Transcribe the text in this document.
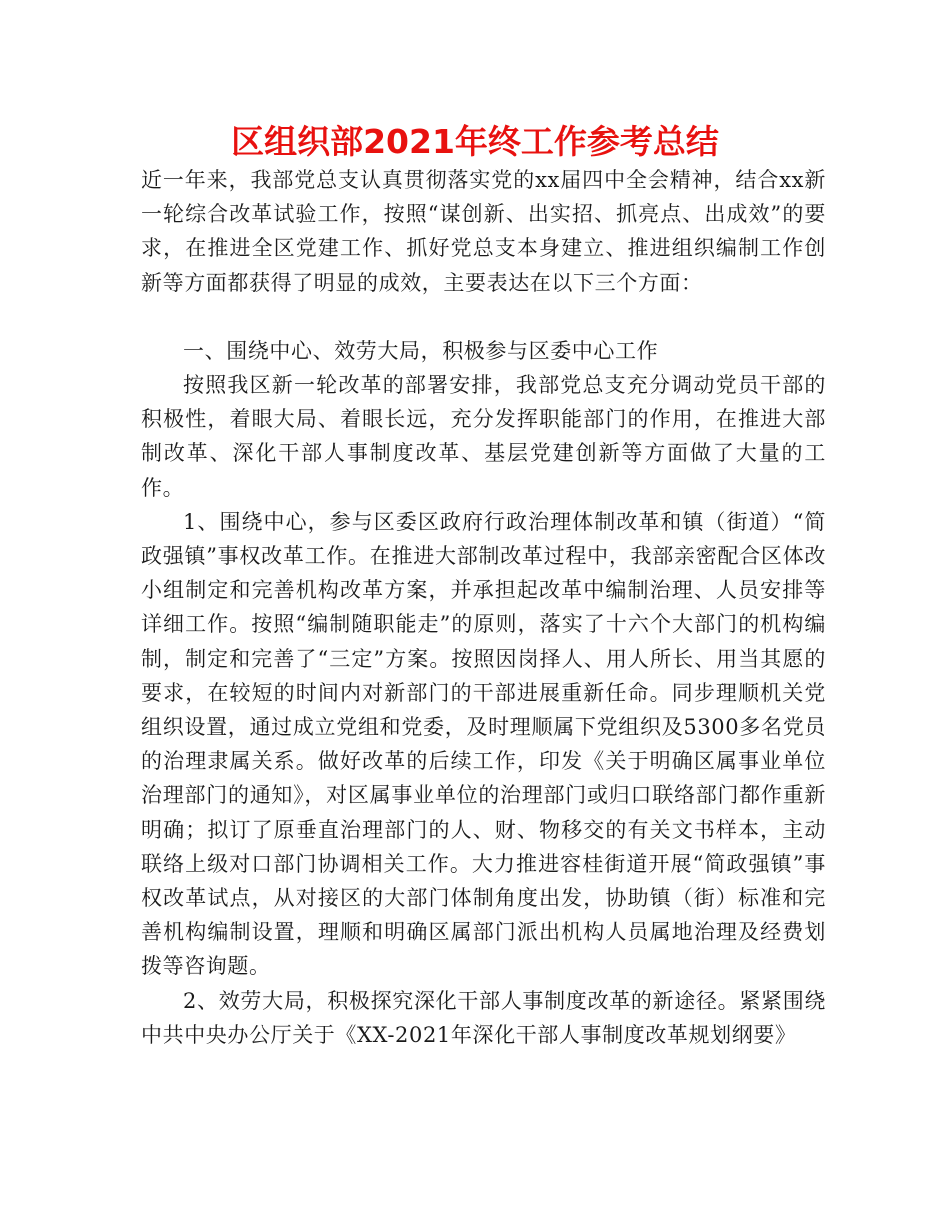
区组织部2021年终工作参考总结

近一年来，我部党总支认真贯彻落实党的xx届四中全会精神，结合xx新一轮综合改革试验工作，按照“谋创新、出实招、抓亮点、出成效”的要求，在推进全区党建工作、抓好党总支本身建立、推进组织编制工作创新等方面都获得了明显的成效，主要表达在以下三个方面：

一、围绕中心、效劳大局，积极参与区委中心工作

按照我区新一轮改革的部署安排，我部党总支充分调动党员干部的积极性，着眼大局、着眼长远，充分发挥职能部门的作用，在推进大部制改革、深化干部人事制度改革、基层党建创新等方面做了大量的工作。

1、围绕中心，参与区委区政府行政治理体制改革和镇（街道）“简政强镇”事权改革工作。在推进大部制改革过程中，我部亲密配合区体改小组制定和完善机构改革方案，并承担起改革中编制治理、人员安排等详细工作。按照“编制随职能走”的原则，落实了十六个大部门的机构编制，制定和完善了“三定”方案。按照因岗择人、用人所长、用当其愿的要求，在较短的时间内对新部门的干部进展重新任命。同步理顺机关党组织设置，通过成立党组和党委，及时理顺属下党组织及5300多名党员的治理隶属关系。做好改革的后续工作，印发《关于明确区属事业单位治理部门的通知》，对区属事业单位的治理部门或归口联络部门都作重新明确；拟订了原垂直治理部门的人、财、物移交的有关文书样本，主动联络上级对口部门协调相关工作。大力推进容桂街道开展“简政强镇”事权改革试点，从对接区的大部门体制角度出发，协助镇（街）标准和完善机构编制设置，理顺和明确区属部门派出机构人员属地治理及经费划拨等咨询题。

2、效劳大局，积极探究深化干部人事制度改革的新途径。紧紧围绕中共中央办公厅关于《XX-2021年深化干部人事制度改革规划纲要》
